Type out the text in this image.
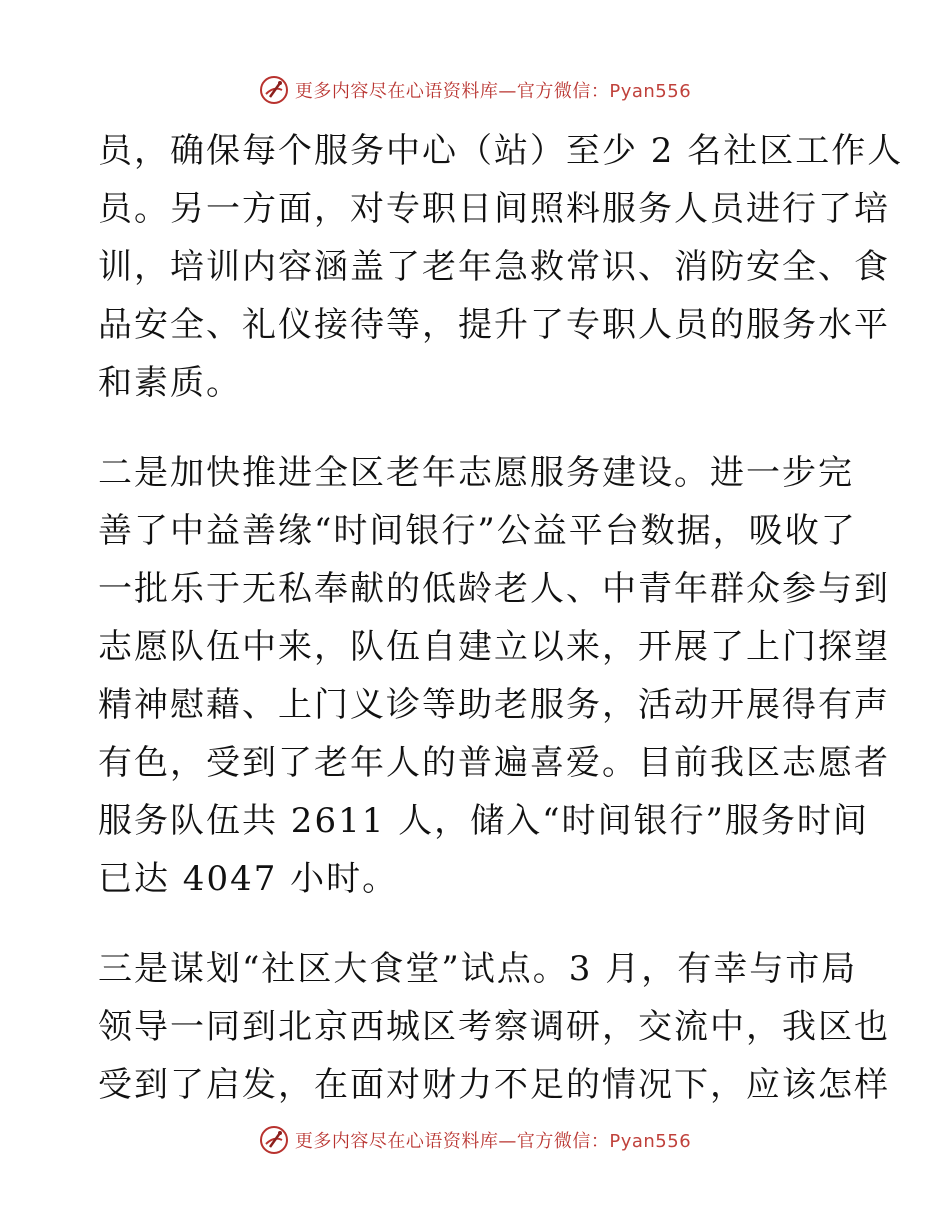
更多内容尽在心语资料库—官方微信：Pyan556
员，确保每个服务中心（站）至少 2 名社区工作人
员。另一方面，对专职日间照料服务人员进行了培
训，培训内容涵盖了老年急救常识、消防安全、食
品安全、礼仪接待等，提升了专职人员的服务水平
和素质。
二是加快推进全区老年志愿服务建设。进一步完
善了中益善缘“时间银行”公益平台数据，吸收了
一批乐于无私奉献的低龄老人、中青年群众参与到
志愿队伍中来，队伍自建立以来，开展了上门探望
精神慰藉、上门义诊等助老服务，活动开展得有声
有色，受到了老年人的普遍喜爱。目前我区志愿者
服务队伍共 2611 人，储入“时间银行”服务时间
已达 4047 小时。
三是谋划“社区大食堂”试点。3 月，有幸与市局
领导一同到北京西城区考察调研，交流中，我区也
受到了启发，在面对财力不足的情况下，应该怎样
更多内容尽在心语资料库—官方微信：Pyan556
